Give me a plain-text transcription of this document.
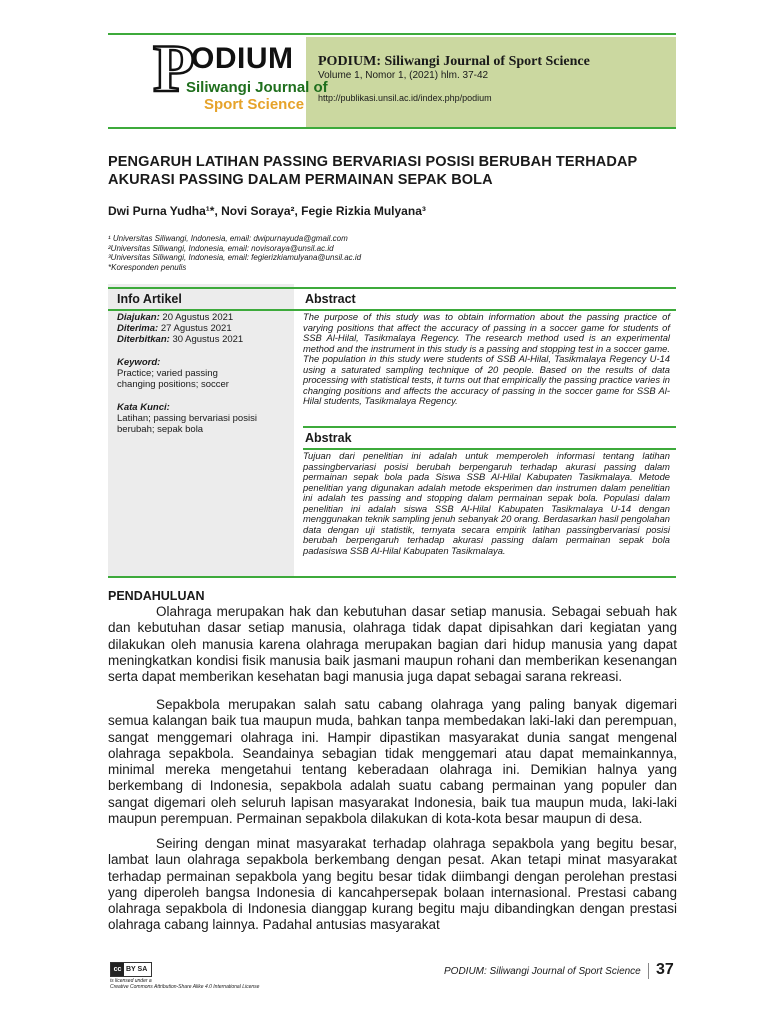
P
ODIUM
Siliwangi Journal of
Sport Science
PODIUM: Siliwangi Journal of Sport Science
Volume 1, Nomor 1, (2021) hlm. 37-42
http://publikasi.unsil.ac.id/index.php/podium
PENGARUH LATIHAN PASSING BERVARIASI POSISI BERUBAH TERHADAP
AKURASI PASSING DALAM PERMAINAN SEPAK BOLA
Dwi Purna Yudha¹*, Novi Soraya², Fegie Rizkia Mulyana³
¹ Universitas Siliwangi, Indonesia, email: dwipurnayuda@gmail.com
²Universitas Siliwangi, Indonesia, email: novisoraya@unsil.ac.id
³Universitas Siliwangi, Indonesia, email: fegierizkiamulyana@unsil.ac.id
*Koresponden penulis
Info Artikel	Abstract
Diajukan: 20 Agustus 2021
Diterima: 27 Agustus 2021
Diterbitkan: 30 Agustus 2021
Keyword:
Practice; varied passing
changing positions; soccer
Kata Kunci:
Latihan; passing bervariasi posisi
berubah; sepak bola
The purpose of this study was to obtain information about the passing practice of varying positions that affect the accuracy of passing in a soccer game for students of SSB Al-Hilal, Tasikmalaya Regency. The research method used is an experimental method and the instrument in this study is a passing and stopping test in a soccer game. The population in this study were students of SSB Al-Hilal, Tasikmalaya Regency U-14 using a saturated sampling technique of 20 people. Based on the results of data processing with statistical tests, it turns out that empirically the passing practice varies in changing positions and affects the accuracy of passing in the soccer game for SSB Al-Hilal students, Tasikmalaya Regency.
Abstrak
Tujuan dari penelitian ini adalah untuk memperoleh informasi tentang latihan passingbervariasi posisi berubah berpengaruh terhadap akurasi passing dalam permainan sepak bola pada Siswa SSB Al-Hilal Kabupaten Tasikmalaya. Metode penelitian yang digunakan adalah metode eksperimen dan instrumen dalam penelitian ini adalah tes passing and stopping dalam permainan sepak bola. Populasi dalam penelitian ini adalah siswa SSB Al-Hilal Kabupaten Tasikmalaya U-14 dengan menggunakan teknik sampling jenuh sebanyak 20 orang. Berdasarkan hasil pengolahan data dengan uji statistik, ternyata secara empirik latihan passingbervariasi posisi berubah berpengaruh terhadap akurasi passing dalam permainan sepak bola padasiswa SSB Al-Hilal Kabupaten Tasikmalaya.
PENDAHULUAN
Olahraga merupakan hak dan kebutuhan dasar setiap manusia. Sebagai sebuah hak dan kebutuhan dasar setiap manusia, olahraga tidak dapat dipisahkan dari kegiatan yang dilakukan oleh manusia karena olahraga merupakan bagian dari hidup manusia yang dapat meningkatkan kondisi fisik manusia baik jasmani maupun rohani dan memberikan kesenangan serta dapat memberikan kesehatan bagi manusia juga dapat sebagai sarana rekreasi.
Sepakbola merupakan salah satu cabang olahraga yang paling banyak digemari semua kalangan baik tua maupun muda, bahkan tanpa membedakan laki-laki dan perempuan, sangat menggemari olahraga ini. Hampir dipastikan masyarakat dunia sangat mengenal olahraga sepakbola. Seandainya sebagian tidak menggemari atau dapat memainkannya, minimal mereka mengetahui tentang keberadaan olahraga ini. Demikian halnya yang berkembang di Indonesia, sepakbola adalah suatu cabang permainan yang populer dan sangat digemari oleh seluruh lapisan masyarakat Indonesia, baik tua maupun muda, laki-laki maupun perempuan. Permainan sepakbola dilakukan di kota-kota besar maupun di desa.
Seiring dengan minat masyarakat terhadap olahraga sepakbola yang begitu besar, lambat laun olahraga sepakbola berkembang dengan pesat. Akan tetapi minat masyarakat terhadap permainan sepakbola yang begitu besar tidak diimbangi dengan perolehan prestasi yang diperoleh bangsa Indonesia di kancahpersepak bolaan internasional. Prestasi cabang olahraga sepakbola di Indonesia dianggap kurang begitu maju dibandingkan dengan prestasi olahraga cabang lainnya. Padahal antusias masyarakat
cc BY SA
is licensed under a
Creative Commons Attribution-Share Alike 4.0 International License
PODIUM: Siliwangi Journal of Sport Science 37
